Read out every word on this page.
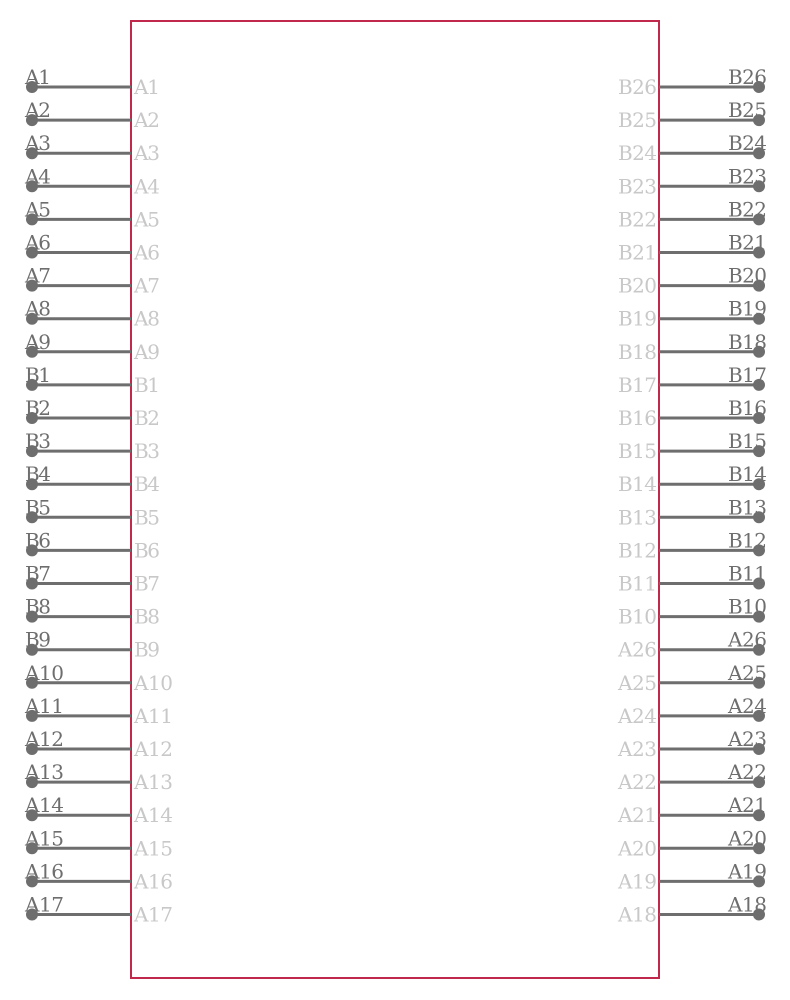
A1	A1
A2	A2
A3	A3
A4	A4
A5	A5
A6	A6
A7	A7
A8	A8
A9	A9
B1	B1
B2	B2
B3	B3
B4	B4
B5	B5
B6	B6
B7	B7
B8	B8
B9	B9
A10	A10
A11	A11
A12	A12
A13	A13
A14	A14
A15	A15
A16	A16
A17	A17
B26
B26
B25
B25
B24
B24
B23
B23
B22
B22
B21
B21
B20
B20
B19
B19
B18
B18
B17
B17
B16
B16
B15
B15
B14
B14
B13
B13
B12
B12
B11
B11
B10
B10
A26
A26
A25
A25
A24
A24
A23
A23
A22
A22
A21
A21
A20
A20
A19
A19
A18
A18
